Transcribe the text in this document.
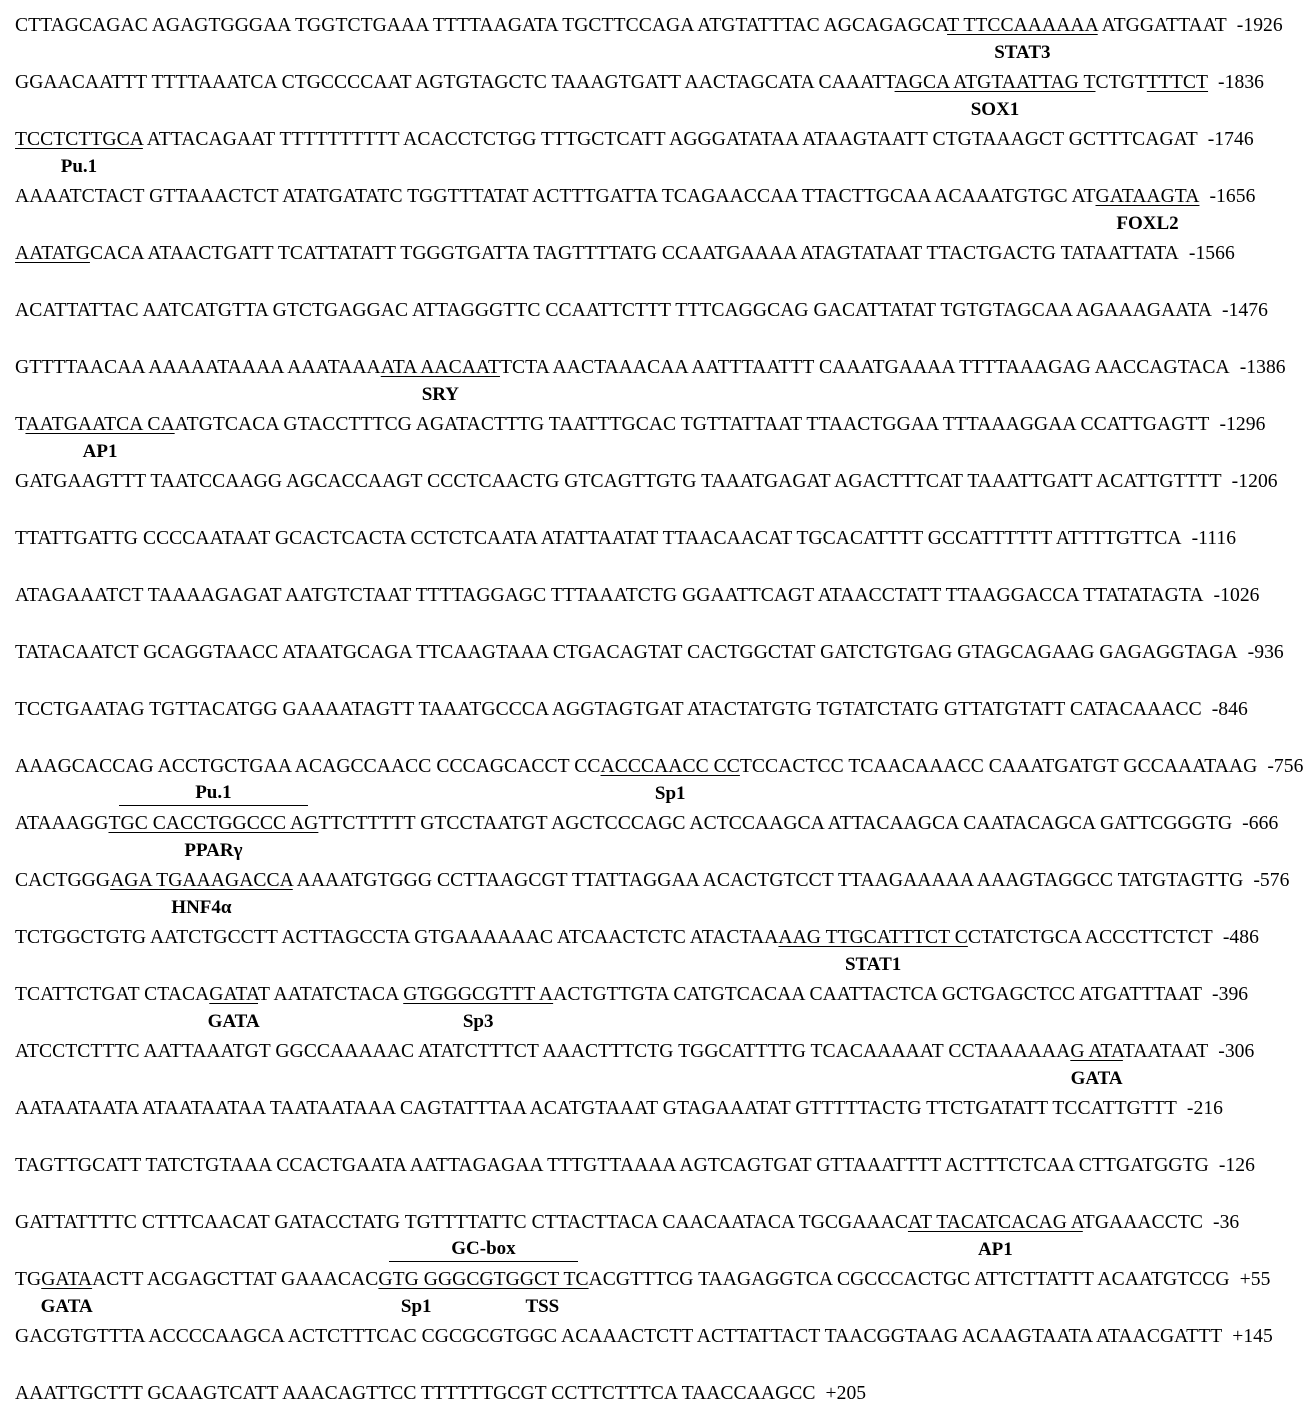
CTTAGCAGAC AGAGTGGGAA TGGTCTGAAA TTTTAAGATA TGCTTCCAGA ATGTATTTAC AGCAGAGCAT TTCCAAAAAA ATGGATTAAT -1926
GGAACAATTT TTTTAAATCA CTGCCCCAAT AGTGTAGCTC TAAAGTGATT AACTAGCATA CAAATTAGCA ATGTAATTAG TCTGTTTTCT -1836
TCCTCTTGCA ATTACAGAAT TTTTTTTTTT ACACCTCTGG TTTGCTCATT AGGGATATAA ATAAGTAATT CTGTAAAGCT GCTTTCAGAT -1746
AAAATCTACT GTTAAACTCT ATATGATATC TGGTTTATAT ACTTTGATTA TCAGAACCAA TTACTTGCAA ACAAATGTGC ATGATAAGTA -1656
AATATGCACA ATAACTGATT TCATTATATT TGGGTGATTA TAGTTTTATG CCAATGAAAA ATAGTATAAT TTACTGACTG TATAATTATA -1566
ACATTATTAC AATCATGTTA GTCTGAGGAC ATTAGGGTTC CCAATTCTTT TTTCAGGCAG GACATTATAT TGTGTAGCAA AGAAAGAATA -1476
GTTTTAACAA AAAAATAAAA AAATAAAATA AACAATTCTA AACTAAACAA AATTTAATTT CAAATGAAAA TTTTAAAGAG AACCAGTACA -1386
TAATGAATCA CAATGTCACA GTACCTTTCG AGATACTTTG TAATTTGCAC TGTTATTAAT TTAACTGGAA TTTAAAGGAA CCATTGAGTT -1296
GATGAAGTTT TAATCCAAGG AGCACCAAGT CCCTCAACTG GTCAGTTGTG TAAATGAGAT AGACTTTCAT TAAATTGATT ACATTGTTTT -1206
TTATTGATTG CCCCAATAAT GCACTCACTA CCTCTCAATA ATATTAATAT TTAACAACAT TGCACATTTT GCCATTTTTT ATTTTGTTCA -1116
ATAGAAATCT TAAAAGAGAT AATGTCTAAT TTTTAGGAGC TTTAAATCTG GGAATTCAGT ATAACCTATT TTAAGGACCA TTATATAGTA -1026
TATACAATCT GCAGGTAACC ATAATGCAGA TTCAAGTAAA CTGACAGTAT CACTGGCTAT GATCTGTGAG GTAGCAGAAG GAGAGGTAGA -936
TCCTGAATAG TGTTACATGG GAAAATAGTT TAAATGCCCA AGGTAGTGAT ATACTATGTG TGTATCTATG GTTATGTATT CATACAAACC -846
AAAGCACCAG ACCTGCTGAA ACAGCCAACC CCCAGCACCT CCACCCAACC CCTCCACTCC TCAACAAACC CAAATGATGT GCCAAATAAG -756
ATAAAGGTGC CACCTGGCCC AGTTCTTTTT GTCCTAATGT AGCTCCCAGC ACTCCAAGCA ATTACAAGCA CAATACAGCA GATTCGGGTG -666
CACTGGGAGA TGAAAGACCA AAAATGTGGG CCTTAAGCGT TTATTAGGAA ACACTGTCCT TTAAGAAAAA AAAGTAGGCC TATGTAGTTG -576
TCTGGCTGTG AATCTGCCTT ACTTAGCCTA GTGAAAAAAC ATCAACTCTC ATACTAAAAG TTGCATTTCT CCTATCTGCA ACCCTTCTCT -486
TCATTCTGAT CTACAGATAT AATATCTACA GTGGGCGTTT AACTGTTGTA CATGTCACAA CAATTACTCA GCTGAGCTCC ATGATTTAAT -396
ATCCTCTTTC AATTAAATGT GGCCAAAAAC ATATCTTTCT AAACTTTCTG TGGCATTTTG TCACAAAAAT CCTAAAAAAG ATATAATAAT -306
AATAATAATA ATAATAATAA TAATAATAAA CAGTATTTAA ACATGTAAAT GTAGAAATAT GTTTTTACTG TTCTGATATT TCCATTGTTT -216
TAGTTGCATT TATCTGTAAA CCACTGAATA AATTAGAGAA TTTGTTAAAA AGTCAGTGAT GTTAAATTTT ACTTTCTCAA CTTGATGGTG -126
GATTATTTTC CTTTCAACAT GATACCTATG TGTTTTATTC CTTACTTACA CAACAATACA TGCGAAACAT TACATCACAG ATGAAACCTC -36
TGGATAACTT ACGAGCTTAT GAAACACGTG GGGCGTGGCT TCACGTTTCG TAAGAGGTCA CGCCCACTGC ATTCTTATTT ACAATGTCCG +55
GACGTGTTTA ACCCCAAGCA ACTCTTTCAC CGCGCGTGGC ACAAACTCTT ACTTATTACT TAACGGTAAG ACAAGTAATA ATAACGATTT +145
AAATTGCTTT GCAAGTCATT AAACAGTTCC TTTTTTGCGT CCTTCTTTCA TAACCAAGCC +205
STAT3
SOX1
Pu.1
FOXL2
SRY
AP1
Pu.1	Sp1
PPARγ
HNF4α
STAT1
GATA	Sp3
GATA
GC-box	AP1
GATA	Sp1	TSS
